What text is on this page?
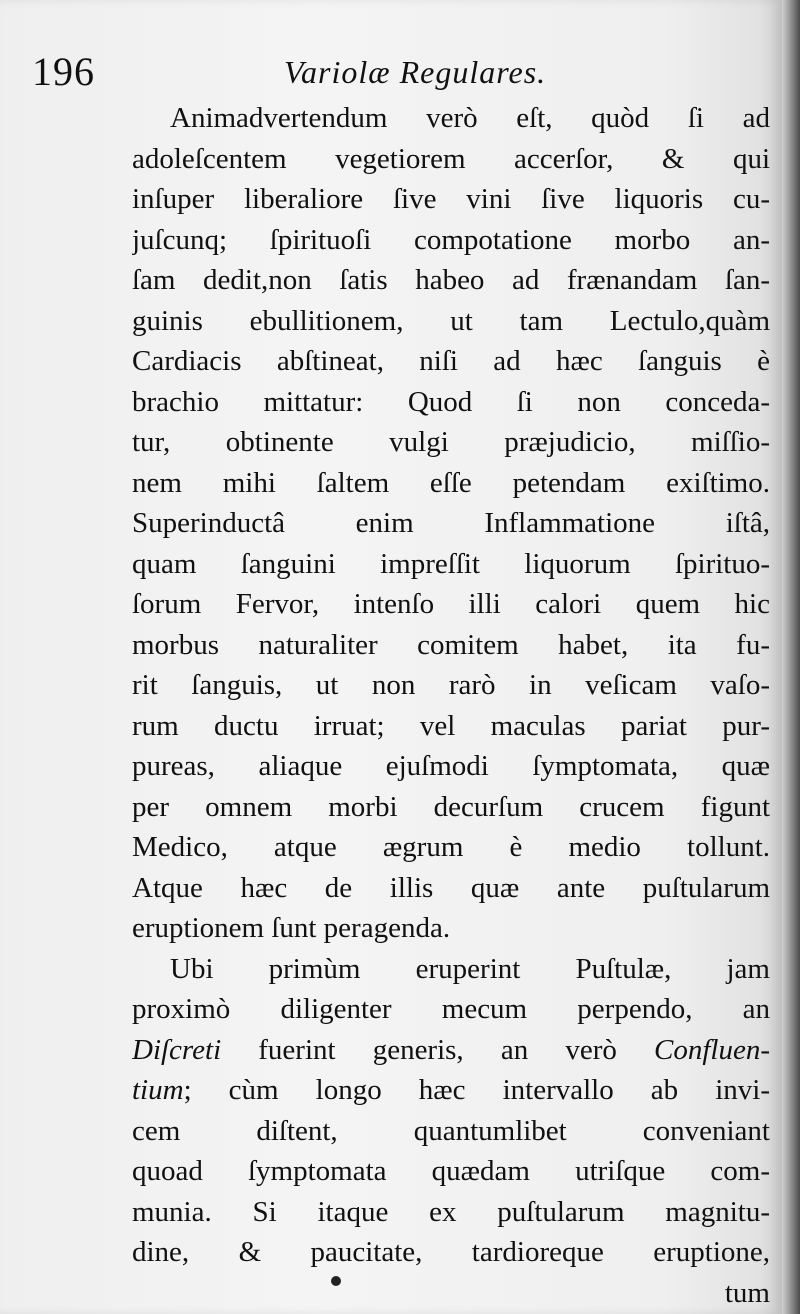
196	Variolæ Regulares.
Animadvertendum verò eſt, quòd ſi ad
adoleſcentem vegetiorem accerſor, & qui
inſuper liberaliore ſive vini ſive liquoris cu-
juſcunq; ſpirituoſi compotatione morbo an-
ſam dedit,non ſatis habeo ad frænandam ſan-
guinis ebullitionem, ut tam Lectulo,quàm
Cardiacis abſtineat, niſi ad hæc ſanguis è
brachio mittatur: Quod ſi non conceda-
tur, obtinente vulgi præjudicio, miſſio-
nem mihi ſaltem eſſe petendam exiſtimo.
Superinductâ enim Inflammatione iſtâ,
quam ſanguini impreſſit liquorum ſpirituo-
ſorum Fervor, intenſo illi calori quem hic
morbus naturaliter comitem habet, ita fu-
rit ſanguis, ut non rarò in veſicam vaſo-
rum ductu irruat; vel maculas pariat pur-
pureas, aliaque ejuſmodi ſymptomata, quæ
per omnem morbi decurſum crucem figunt
Medico, atque ægrum è medio tollunt.
Atque hæc de illis quæ ante puſtularum
eruptionem ſunt peragenda.
Ubi primùm eruperint Puſtulæ, jam
proximò diligenter mecum perpendo, an
Diſcreti fuerint generis, an verò Confluen-
tium; cùm longo hæc intervallo ab invi-
cem diſtent, quantumlibet conveniant
quoad ſymptomata quædam utriſque com-
munia. Si itaque ex puſtularum magnitu-
dine, & paucitate, tardioreque eruptione,
tum
